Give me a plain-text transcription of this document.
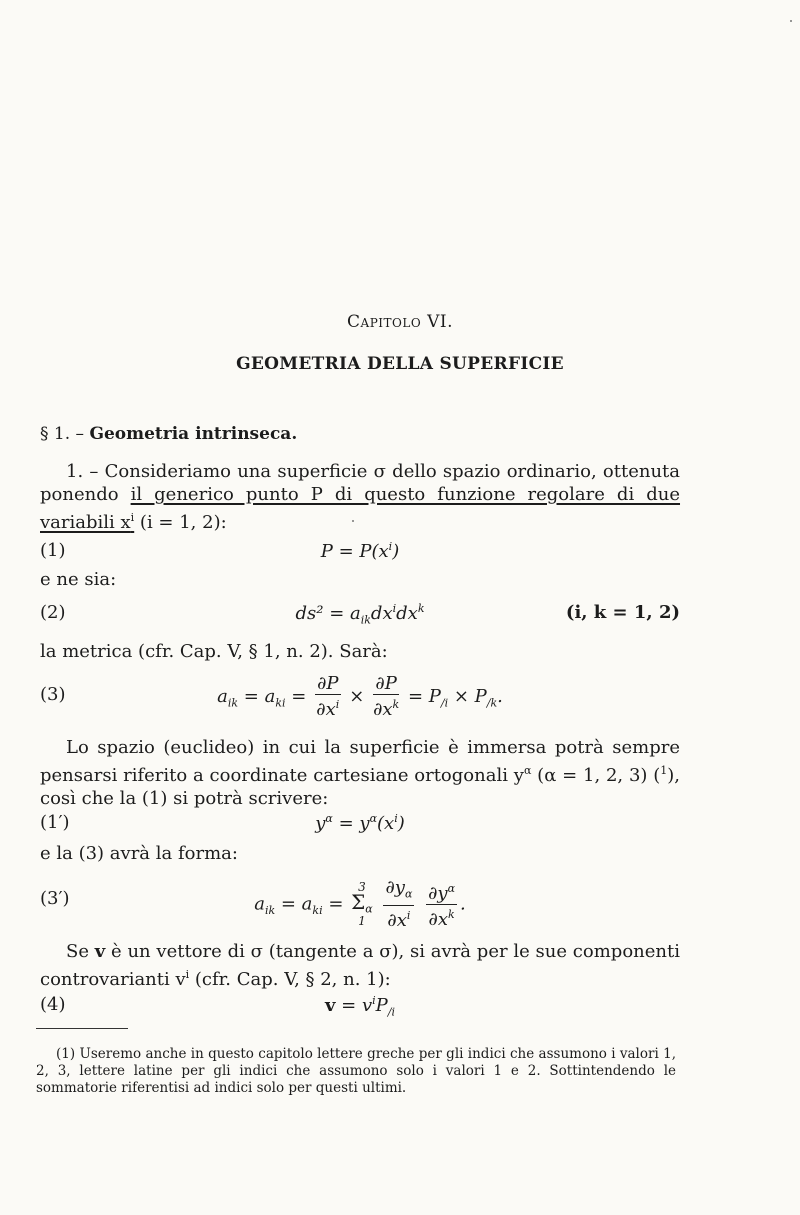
Capitolo VI.
GEOMETRIA DELLA SUPERFICIE
§ 1. – Geometria intrinseca.
1. – Consideriamo una superficie σ dello spazio ordinario, ottenuta ponendo il generico punto P di questo funzione regolare di due variabili $x^i$ (i = 1, 2):
(1)	$P = P(x^i)$
e ne sia:
(2)	$ds^2 = a_{ik}dx^idx^k$	(i, k = 1, 2)
la metrica (cfr. Cap. V, § 1, n. 2). Sarà:
(3)	$a_{ik} = a_{ki} = \frac{\partial P}{\partial x^i} \times \frac{\partial P}{\partial x^k} = P_{/i} \times P_{/k}$.
Lo spazio (euclideo) in cui la superficie è immersa potrà sempre pensarsi riferito a coordinate cartesiane ortogonali $y^\alpha$ (α = 1, 2, 3) ($^1$), così che la (1) si potrà scrivere:
(1′)	$y^\alpha = y^\alpha(x^i)$
e la (3) avrà la forma:
(3′)	$a_{ik} = a_{ki}$ =
3
$\Sigma_\alpha$
1
$\frac{\partial y_\alpha}{\partial x^i}$
$\frac{\partial y^\alpha}{\partial x^k}$ .
Se v è un vettore di σ (tangente a σ), si avrà per le sue componenti controvarianti $v^i$ (cfr. Cap. V, § 2, n. 1):
(4)	$v = v^iP_{/i}$
(1) Useremo anche in questo capitolo lettere greche per gli indici che assumono i valori 1, 2, 3, lettere latine per gli indici che assumono solo i valori 1 e 2. Sottintendendo le sommatorie riferentisi ad indici solo per questi ultimi.
